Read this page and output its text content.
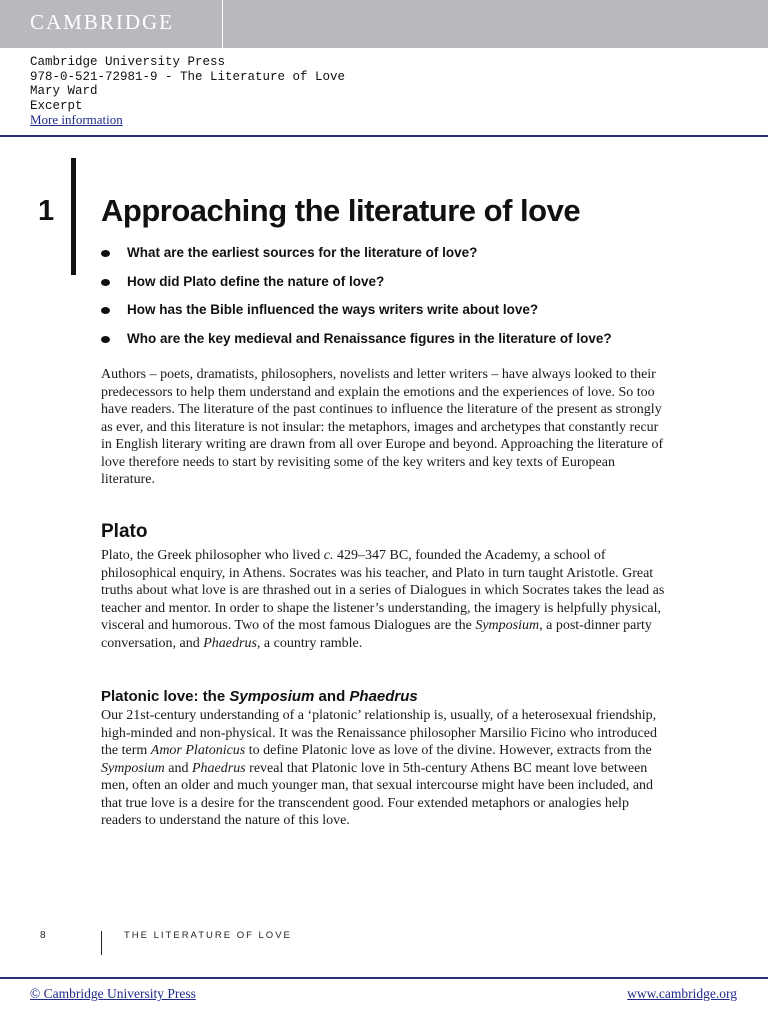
CAMBRIDGE
Cambridge University Press
978-0-521-72981-9 - The Literature of Love
Mary Ward
Excerpt
More information
1 Approaching the literature of love
What are the earliest sources for the literature of love?
How did Plato define the nature of love?
How has the Bible influenced the ways writers write about love?
Who are the key medieval and Renaissance figures in the literature of love?

Authors – poets, dramatists, philosophers, novelists and letter writers – have always looked to their predecessors to help them understand and explain the emotions and the experiences of love. So too have readers. The literature of the past continues to influence the literature of the present as strongly as ever, and this literature is not insular: the metaphors, images and archetypes that constantly recur in English literary writing are drawn from all over Europe and beyond. Approaching the literature of love therefore needs to start by revisiting some of the key writers and key texts of European literature.

Plato

Plato, the Greek philosopher who lived c. 429–347 BC, founded the Academy, a school of philosophical enquiry, in Athens. Socrates was his teacher, and Plato in turn taught Aristotle. Great truths about what love is are thrashed out in a series of Dialogues in which Socrates takes the lead as teacher and mentor. In order to shape the listener’s understanding, the imagery is helpfully physical, visceral and humorous. Two of the most famous Dialogues are the Symposium, a post-dinner party conversation, and Phaedrus, a country ramble.

Platonic love: the Symposium and Phaedrus

Our 21st-century understanding of a ‘platonic’ relationship is, usually, of a heterosexual friendship, high-minded and non-physical. It was the Renaissance philosopher Marsilio Ficino who introduced the term Amor Platonicus to define Platonic love as love of the divine. However, extracts from the Symposium and Phaedrus reveal that Platonic love in 5th-century Athens BC meant love between men, often an older and much younger man, that sexual intercourse might have been included, and that true love is a desire for the transcendent good. Four extended metaphors or analogies help readers to understand the nature of this love.

8	THE LITERATURE OF LOVE
© Cambridge University Press	www.cambridge.org
